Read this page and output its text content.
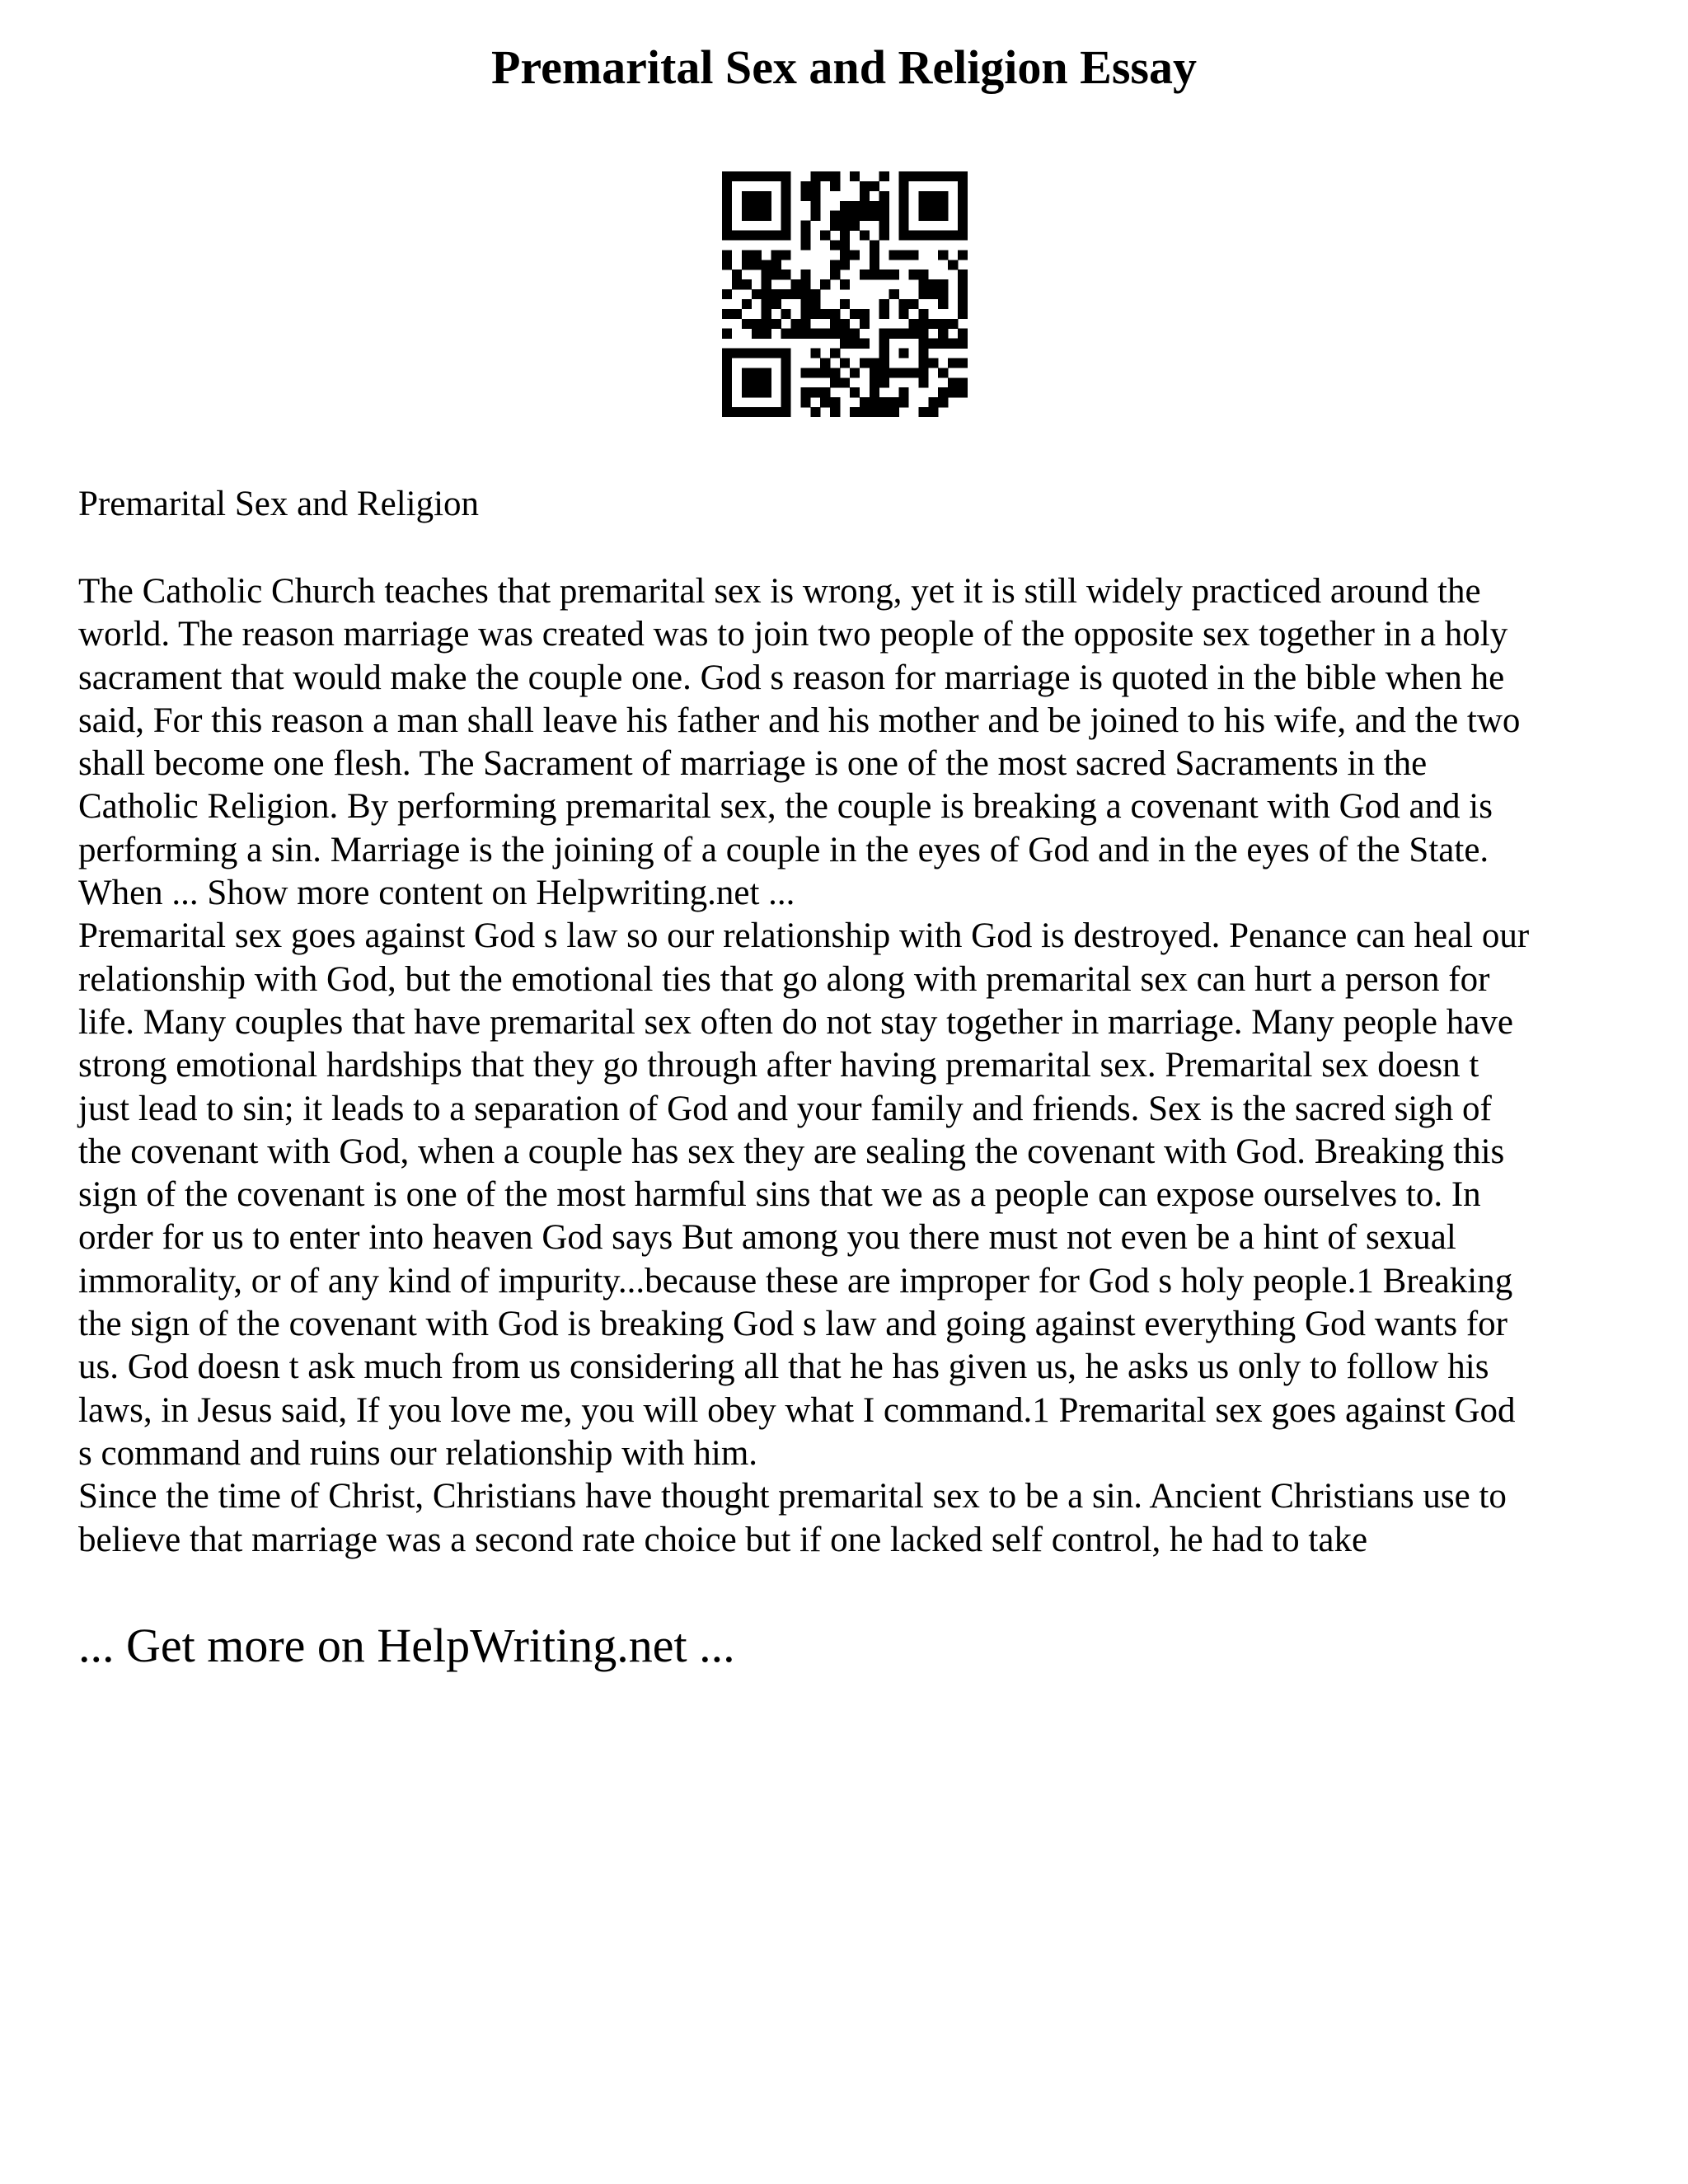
Premarital Sex and Religion Essay

Premarital Sex and Religion

The Catholic Church teaches that premarital sex is wrong, yet it is still widely practiced around the
world. The reason marriage was created was to join two people of the opposite sex together in a holy
sacrament that would make the couple one. God s reason for marriage is quoted in the bible when he
said, For this reason a man shall leave his father and his mother and be joined to his wife, and the two
shall become one flesh. The Sacrament of marriage is one of the most sacred Sacraments in the
Catholic Religion. By performing premarital sex, the couple is breaking a covenant with God and is
performing a sin. Marriage is the joining of a couple in the eyes of God and in the eyes of the State.
When ... Show more content on Helpwriting.net ...
Premarital sex goes against God s law so our relationship with God is destroyed. Penance can heal our
relationship with God, but the emotional ties that go along with premarital sex can hurt a person for
life. Many couples that have premarital sex often do not stay together in marriage. Many people have
strong emotional hardships that they go through after having premarital sex. Premarital sex doesn t
just lead to sin; it leads to a separation of God and your family and friends. Sex is the sacred sigh of
the covenant with God, when a couple has sex they are sealing the covenant with God. Breaking this
sign of the covenant is one of the most harmful sins that we as a people can expose ourselves to. In
order for us to enter into heaven God says But among you there must not even be a hint of sexual
immorality, or of any kind of impurity...because these are improper for God s holy people.1 Breaking
the sign of the covenant with God is breaking God s law and going against everything God wants for
us. God doesn t ask much from us considering all that he has given us, he asks us only to follow his
laws, in Jesus said, If you love me, you will obey what I command.1 Premarital sex goes against God
s command and ruins our relationship with him.
Since the time of Christ, Christians have thought premarital sex to be a sin. Ancient Christians use to
believe that marriage was a second rate choice but if one lacked self control, he had to take

... Get more on HelpWriting.net ...
